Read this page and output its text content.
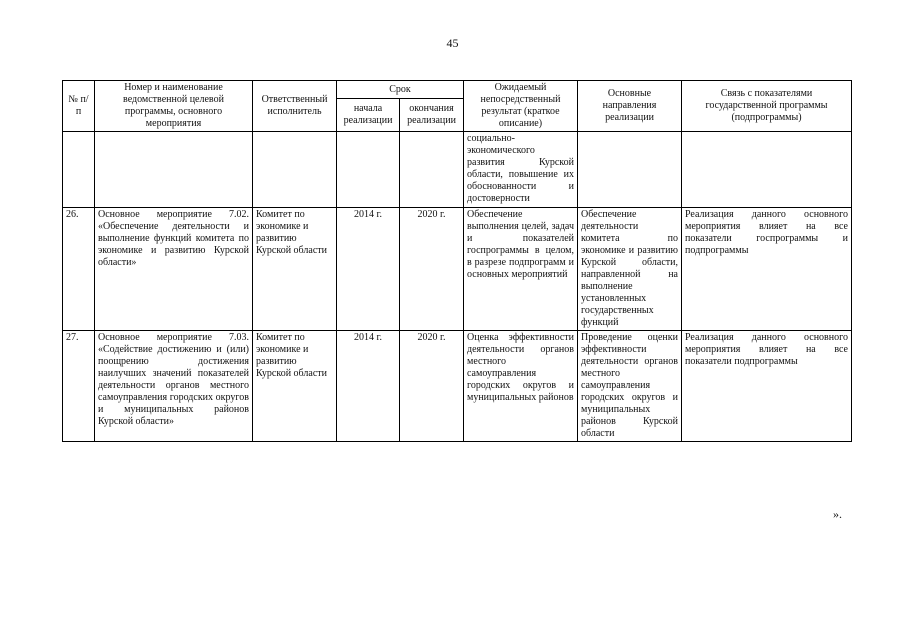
45
№ п/п	Номер и наименование ведомственной целевой программы, основного мероприятия	Ответственный исполнитель	Срок		Ожидаемый непосредственный результат (краткое описание)	Основные направления реализации	Связь с показателями государственной программы (подпрограммы)
			начала реализации	окончания реализации			
					социально-экономического развития Курской области, повышение их обоснованности и достоверности		
26.	Основное мероприятие 7.02. «Обеспечение деятельности и выполнение функций комитета по экономике и развитию Курской области»	Комитет по экономике и развитию Курской области	2014 г.	2020 г.	Обеспечение выполнения целей, задач и показателей госпрограммы в целом, в разрезе подпрограмм и основных мероприятий	Обеспечение деятельности комитета по экономике и развитию Курской области, направленной на выполнение установленных государственных функций	Реализация данного основного мероприятия влияет на все показатели госпрограммы и подпрограммы
27.	Основное мероприятие 7.03. «Содействие достижению и (или) поощрению достижения наилучших значений показателей деятельности органов местного самоуправления городских округов и муниципальных районов Курской области»	Комитет по экономике и развитию Курской области	2014 г.	2020 г.	Оценка эффективности деятельности органов местного самоуправления городских округов и муниципальных районов	Проведение оценки эффективности деятельности органов местного самоуправления городских округов и муниципальных районов Курской области	Реализация данного основного мероприятия влияет на все показатели подпрограммы
».
